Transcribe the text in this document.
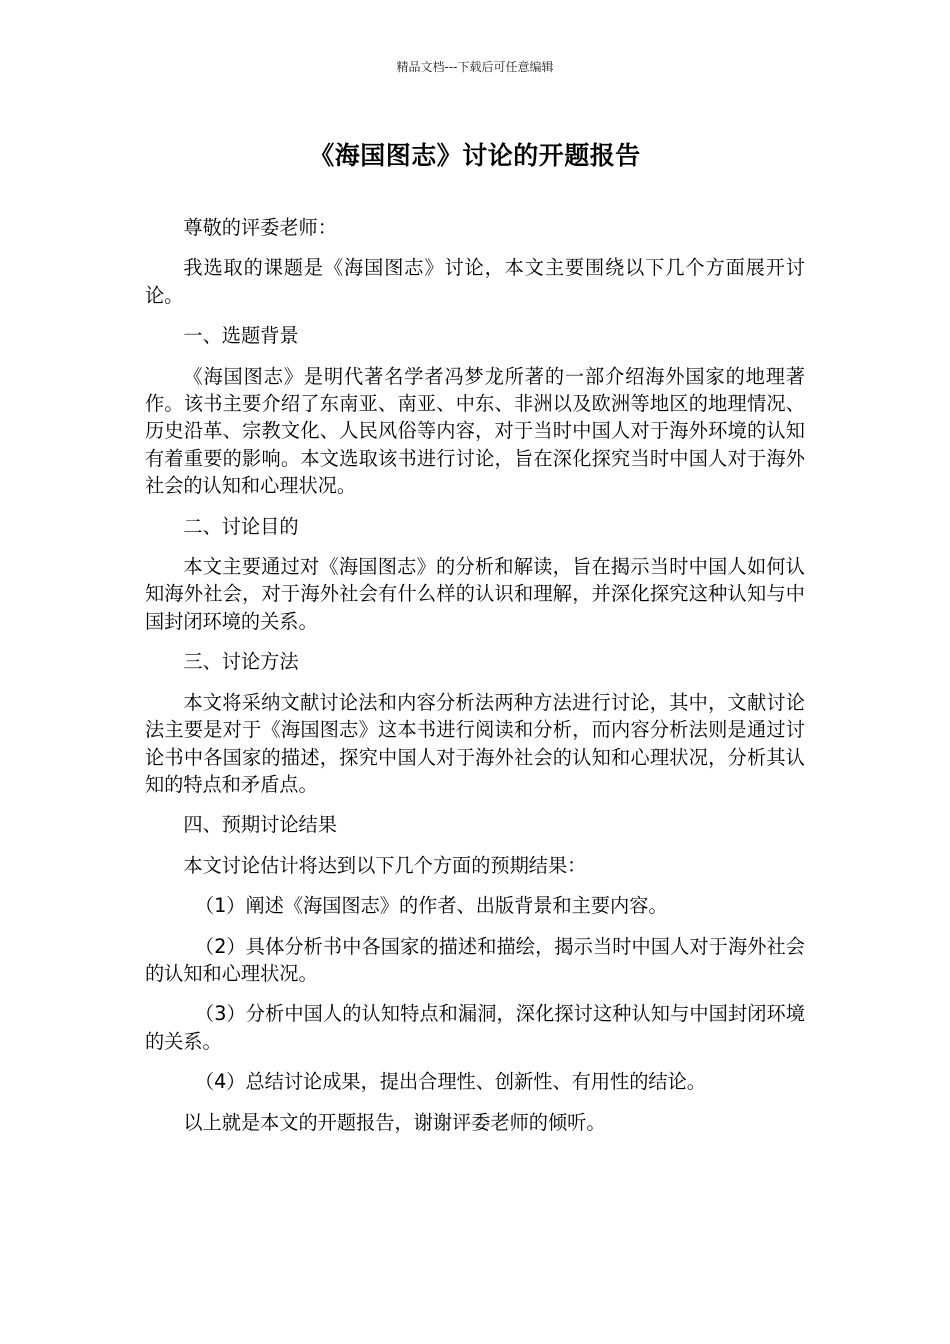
精品文档---下载后可任意编辑
《海国图志》讨论的开题报告

尊敬的评委老师：

我选取的课题是《海国图志》讨论，本文主要围绕以下几个方面展开讨论。

一、选题背景

《海国图志》是明代著名学者冯梦龙所著的一部介绍海外国家的地理著作。该书主要介绍了东南亚、南亚、中东、非洲以及欧洲等地区的地理情况、历史沿革、宗教文化、人民风俗等内容，对于当时中国人对于海外环境的认知有着重要的影响。本文选取该书进行讨论，旨在深化探究当时中国人对于海外社会的认知和心理状况。

二、讨论目的

本文主要通过对《海国图志》的分析和解读，旨在揭示当时中国人如何认知海外社会，对于海外社会有什么样的认识和理解，并深化探究这种认知与中国封闭环境的关系。

三、讨论方法

本文将采纳文献讨论法和内容分析法两种方法进行讨论，其中，文献讨论法主要是对于《海国图志》这本书进行阅读和分析，而内容分析法则是通过讨论书中各国家的描述，探究中国人对于海外社会的认知和心理状况，分析其认知的特点和矛盾点。

四、预期讨论结果

本文讨论估计将达到以下几个方面的预期结果：

（1）阐述《海国图志》的作者、出版背景和主要内容。

（2）具体分析书中各国家的描述和描绘，揭示当时中国人对于海外社会的认知和心理状况。

（3）分析中国人的认知特点和漏洞，深化探讨这种认知与中国封闭环境的关系。

（4）总结讨论成果，提出合理性、创新性、有用性的结论。

以上就是本文的开题报告，谢谢评委老师的倾听。
